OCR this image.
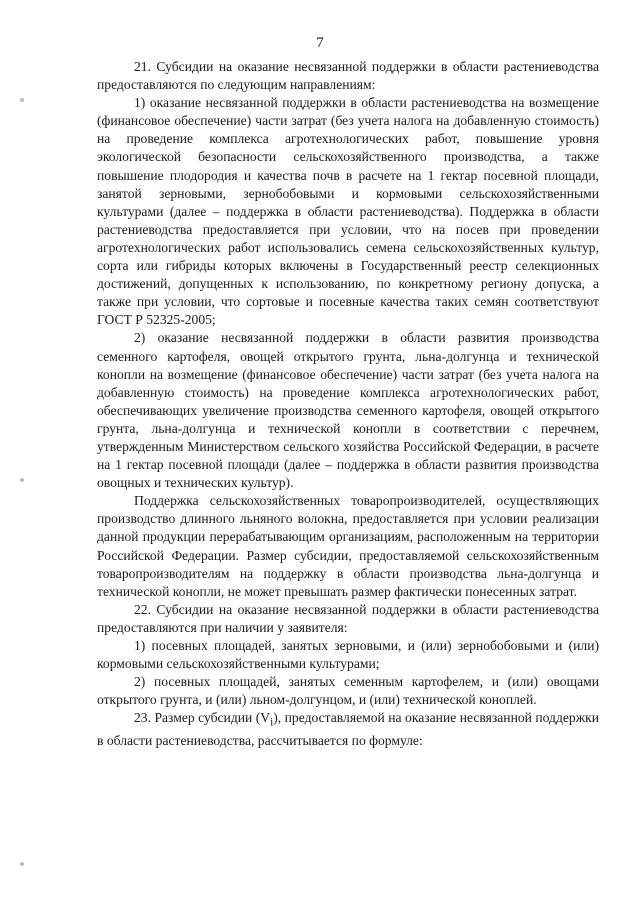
7

21. Субсидии на оказание несвязанной поддержки в области растениеводства предоставляются по следующим направлениям:

1) оказание несвязанной поддержки в области растениеводства на возмещение (финансовое обеспечение) части затрат (без учета налога на добавленную стоимость) на проведение комплекса агротехнологических работ, повышение уровня экологической безопасности сельскохозяйственного производства, а также повышение плодородия и качества почв в расчете на 1 гектар посевной площади, занятой зерновыми, зернобобовыми и кормовыми сельскохозяйственными культурами (далее – поддержка в области растениеводства). Поддержка в области растениеводства предоставляется при условии, что на посев при проведении агротехнологических работ использовались семена сельскохозяйственных культур, сорта или гибриды которых включены в Государственный реестр селекционных достижений, допущенных к использованию, по конкретному региону допуска, а также при условии, что сортовые и посевные качества таких семян соответствуют ГОСТ Р 52325-2005;

2) оказание несвязанной поддержки в области развития производства семенного картофеля, овощей открытого грунта, льна-долгунца и технической конопли на возмещение (финансовое обеспечение) части затрат (без учета налога на добавленную стоимость) на проведение комплекса агротехнологических работ, обеспечивающих увеличение производства семенного картофеля, овощей открытого грунта, льна-долгунца и технической конопли в соответствии с перечнем, утвержденным Министерством сельского хозяйства Российской Федерации, в расчете на 1 гектар посевной площади (далее – поддержка в области развития производства овощных и технических культур).

Поддержка сельскохозяйственных товаропроизводителей, осуществляющих производство длинного льняного волокна, предоставляется при условии реализации данной продукции перерабатывающим организациям, расположенным на территории Российской Федерации. Размер субсидии, предоставляемой сельскохозяйственным товаропроизводителям на поддержку в области производства льна-долгунца и технической конопли, не может превышать размер фактически понесенных затрат.

22. Субсидии на оказание несвязанной поддержки в области растениеводства предоставляются при наличии у заявителя:

1) посевных площадей, занятых зерновыми, и (или) зернобобовыми и (или) кормовыми сельскохозяйственными культурами;

2) посевных площадей, занятых семенным картофелем, и (или) овощами открытого грунта, и (или) льном-долгунцом, и (или) технической коноплей.

23. Размер субсидии $(V_i)$, предоставляемой на оказание несвязанной поддержки в области растениеводства, рассчитывается по формуле:
